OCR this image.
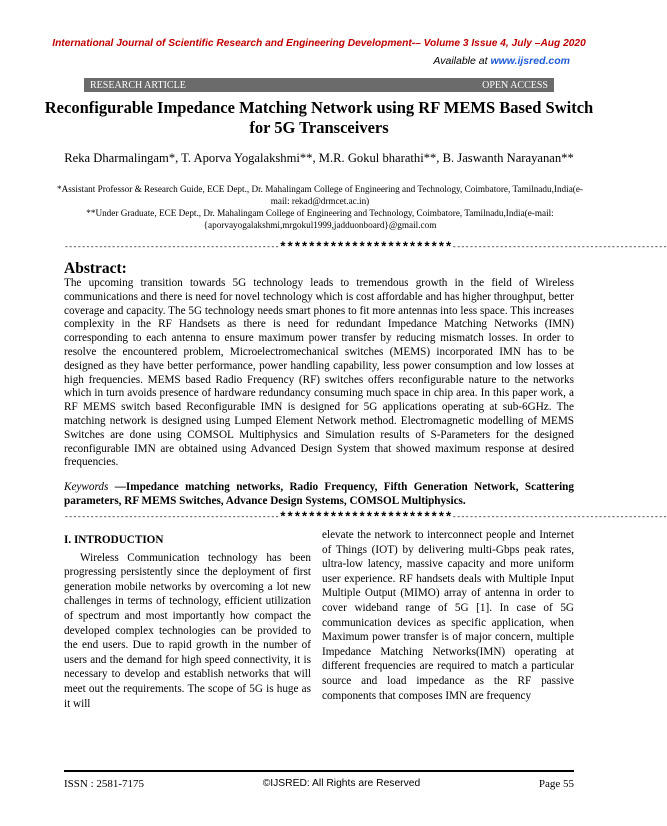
International Journal of Scientific Research and Engineering Development-– Volume 3 Issue 4, July –Aug 2020
Available at www.ijsred.com
RESEARCH ARTICLE	OPEN ACCESS
Reconfigurable Impedance Matching Network using RF MEMS Based Switch for 5G Transceivers
Reka Dharmalingam*, T. Aporva Yogalakshmi**, M.R. Gokul bharathi**, B. Jaswanth Narayanan**
*Assistant Professor & Research Guide, ECE Dept., Dr. Mahalingam College of Engineering and Technology, Coimbatore, Tamilnadu,India(e-mail: rekad@drmcet.ac.in)
**Under Graduate, ECE Dept., Dr. Mahalingam College of Engineering and Technology, Coimbatore, Tamilnadu,India(e-mail: {aporvayogalakshmi,mrgokul1999,jadduonboard}@gmail.com
-------------------------------------------------- ************************ --------------------------------------------------
Abstract:
The upcoming transition towards 5G technology leads to tremendous growth in the field of Wireless communications and there is need for novel technology which is cost affordable and has higher throughput, better coverage and capacity. The 5G technology needs smart phones to fit more antennas into less space. This increases complexity in the RF Handsets as there is need for redundant Impedance Matching Networks (IMN) corresponding to each antenna to ensure maximum power transfer by reducing mismatch losses. In order to resolve the encountered problem, Microelectromechanical switches (MEMS) incorporated IMN has to be designed as they have better performance, power handling capability, less power consumption and low losses at high frequencies. MEMS based Radio Frequency (RF) switches offers reconfigurable nature to the networks which in turn avoids presence of hardware redundancy consuming much space in chip area. In this paper work, a RF MEMS switch based Reconfigurable IMN is designed for 5G applications operating at sub-6GHz. The matching network is designed using Lumped Element Network method. Electromagnetic modelling of MEMS Switches are done using COMSOL Multiphysics and Simulation results of S-Parameters for the designed reconfigurable IMN are obtained using Advanced Design System that showed maximum response at desired frequencies.
Keywords —Impedance matching networks, Radio Frequency, Fifth Generation Network, Scattering parameters, RF MEMS Switches, Advance Design Systems, COMSOL Multiphysics.
-------------------------------------------------- ************************ --------------------------------------------------
I. INTRODUCTION

Wireless Communication technology has been progressing persistently since the deployment of first generation mobile networks by overcoming a lot new challenges in terms of technology, efficient utilization of spectrum and most importantly how compact the developed complex technologies can be provided to the end users. Due to rapid growth in the number of users and the demand for high speed connectivity, it is necessary to develop and establish networks that will meet out the requirements. The scope of 5G is huge as it will

elevate the network to interconnect people and Internet of Things (IOT) by delivering multi-Gbps peak rates, ultra-low latency, massive capacity and more uniform user experience. RF handsets deals with Multiple Input Multiple Output (MIMO) array of antenna in order to cover wideband range of 5G [1]. In case of 5G communication devices as specific application, when Maximum power transfer is of major concern, multiple Impedance Matching Networks(IMN) operating at different frequencies are required to match a particular source and load impedance as the RF passive components that composes IMN are frequency

ISSN : 2581-7175	©IJSRED: All Rights are Reserved	Page 55
